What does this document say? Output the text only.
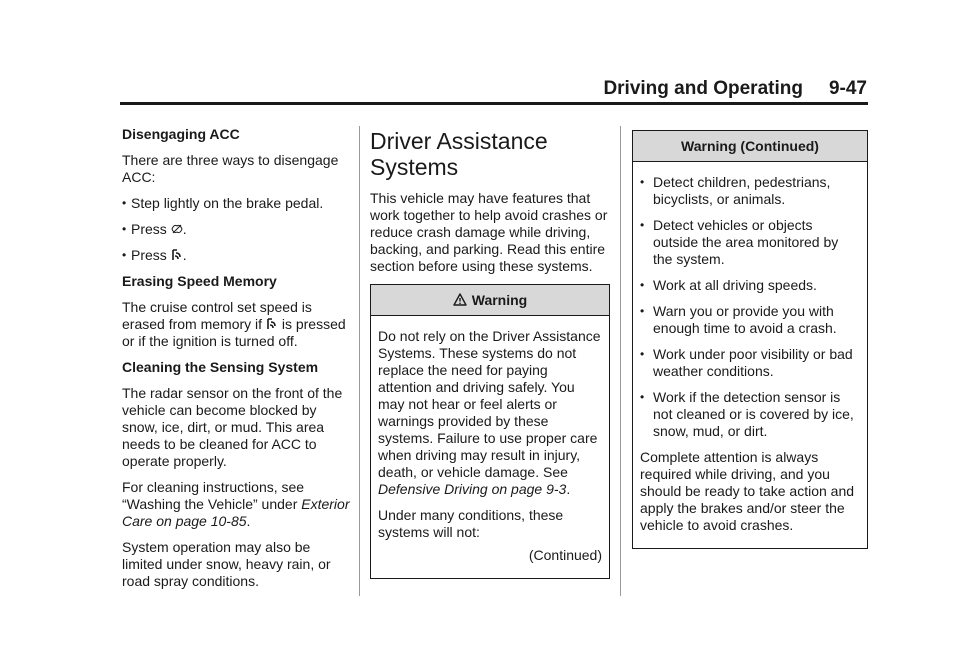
Driving and Operating 9-47
Disengaging ACC

There are three ways to disengage ACC:

• Step lightly on the brake pedal.
• Press .
• Press .
Erasing Speed Memory

The cruise control set speed is erased from memory if is pressed or if the ignition is turned off.

Cleaning the Sensing System

The radar sensor on the front of the vehicle can become blocked by snow, ice, dirt, or mud. This area needs to be cleaned for ACC to operate properly.

For cleaning instructions, see “Washing the Vehicle” under Exterior Care on page 10-85.

System operation may also be limited under snow, heavy rain, or road spray conditions.

Driver Assistance Systems

This vehicle may have features that work together to help avoid crashes or reduce crash damage while driving, backing, and parking. Read this entire section before using these systems.

Warning

Do not rely on the Driver Assistance Systems. These systems do not replace the need for paying attention and driving safely. You may not hear or feel alerts or warnings provided by these systems. Failure to use proper care when driving may result in injury, death, or vehicle damage. See Defensive Driving on page 9-3.

Under many conditions, these systems will not:

(Continued)

Warning (Continued)
• Detect children, pedestrians, bicyclists, or animals.
• Detect vehicles or objects outside the area monitored by the system.
• Work at all driving speeds.
• Warn you or provide you with enough time to avoid a crash.
• Work under poor visibility or bad weather conditions.
• Work if the detection sensor is not cleaned or is covered by ice, snow, mud, or dirt.

Complete attention is always required while driving, and you should be ready to take action and apply the brakes and/or steer the vehicle to avoid crashes.
